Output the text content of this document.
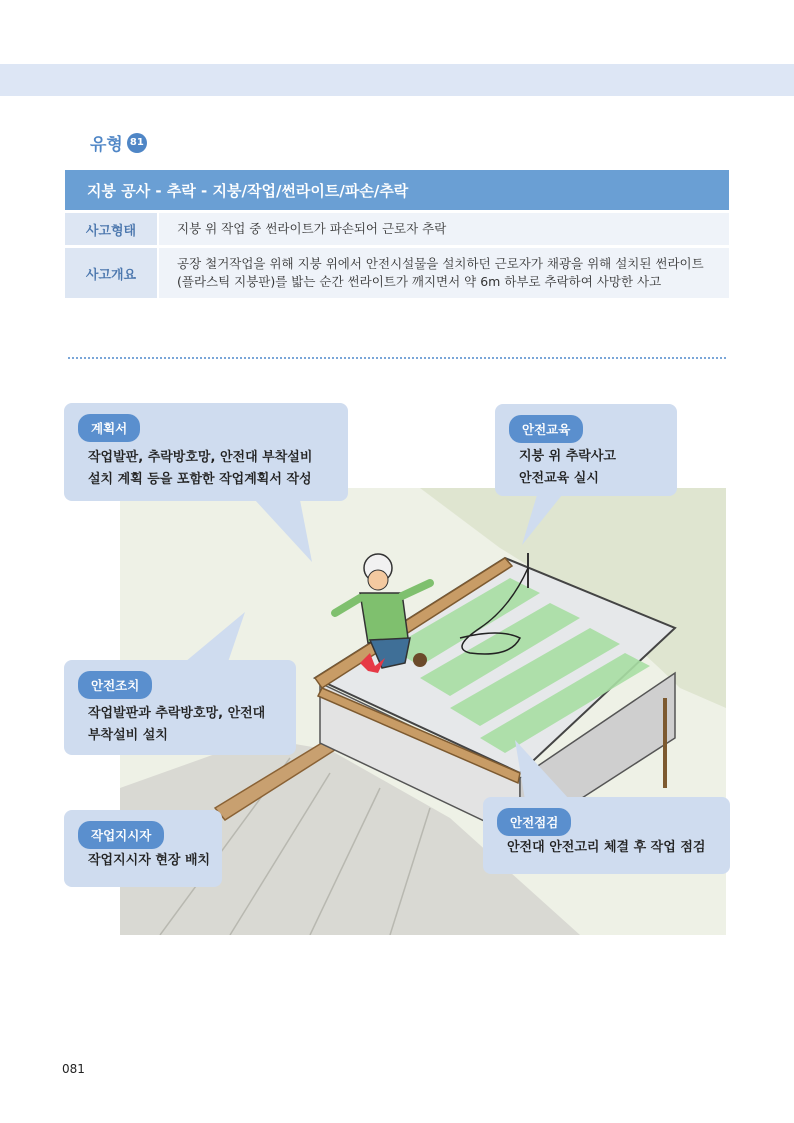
유형 81
지붕 공사 - 추락 - 지붕/작업/썬라이트/파손/추락
사고형태	지붕 위 작업 중 썬라이트가 파손되어 근로자 추락
사고개요
공장 철거작업을 위해 지붕 위에서 안전시설물을 설치하던 근로자가 채광을 위해 설치된 썬라이트
(플라스틱 지붕판)를 밟는 순간 썬라이트가 깨지면서 약 6m 하부로 추락하여 사망한 사고
계획서
작업발판, 추락방호망, 안전대 부착설비
설치 계획 등을 포함한 작업계획서 작성
안전교육
지붕 위 추락사고
안전교육 실시
안전조치
작업발판과 추락방호망, 안전대
부착설비 설치
작업지시자
작업지시자 현장 배치
안전점검
안전대 안전고리 체결 후 작업 점검
081
